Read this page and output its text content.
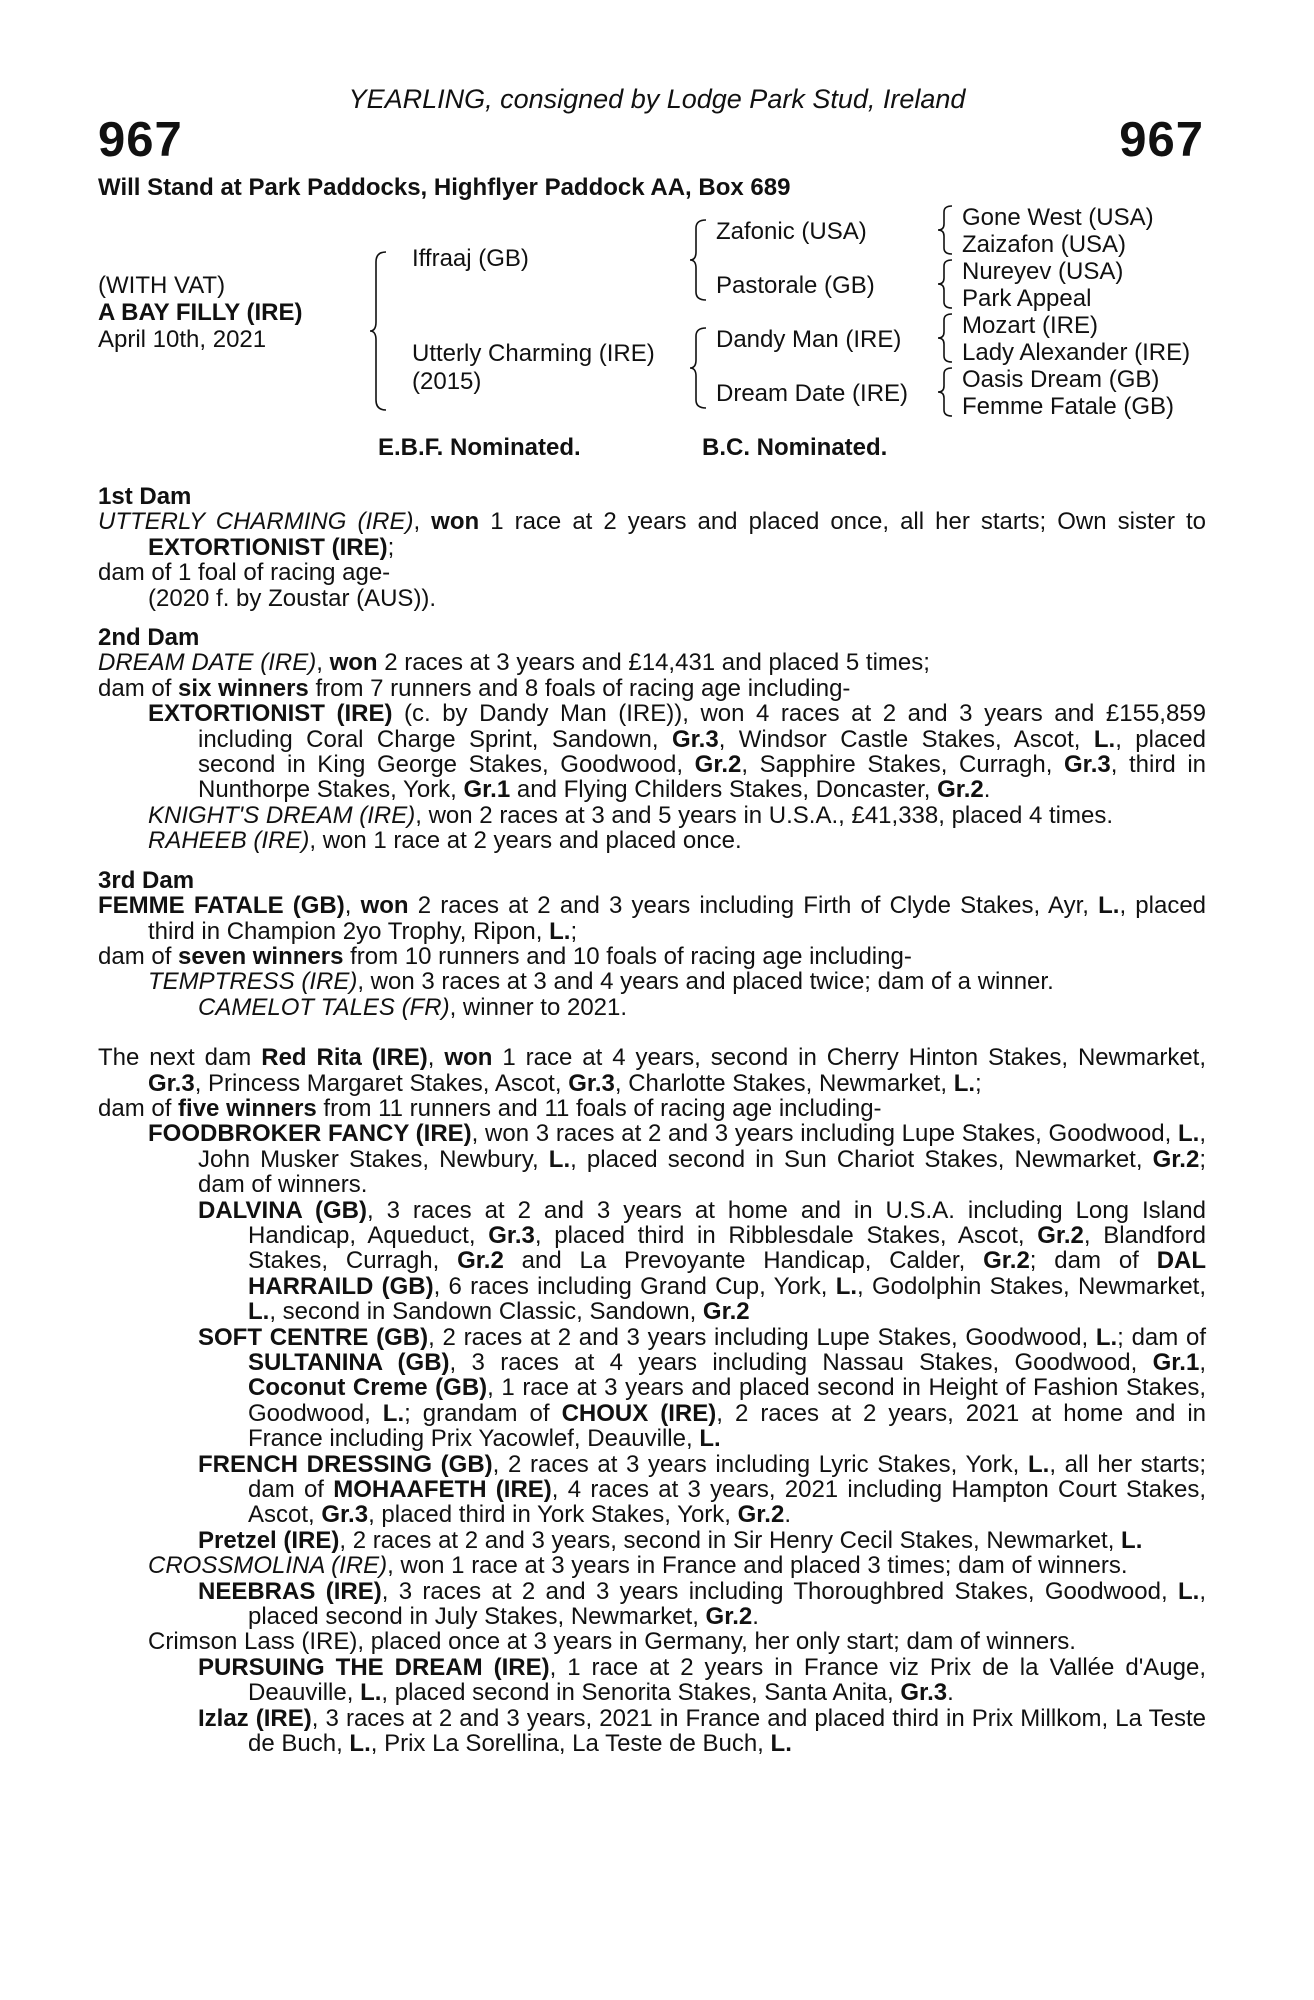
YEARLING, consigned by Lodge Park Stud, Ireland
967	967
Will Stand at Park Paddocks, Highflyer Paddock AA, Box 689
(WITH VAT)
A BAY FILLY (IRE)
April 10th, 2021
Iffraaj (GB)
Utterly Charming (IRE)
(2015)
Zafonic (USA)
Pastorale (GB)
Dandy Man (IRE)
Dream Date (IRE)
Gone West (USA)
Zaizafon (USA)
Nureyev (USA)
Park Appeal
Mozart (IRE)
Lady Alexander (IRE)
Oasis Dream (GB)
Femme Fatale (GB)
E.B.F. Nominated.	B.C. Nominated.
1st Dam
UTTERLY CHARMING (IRE), won 1 race at 2 years and placed once, all her starts; Own sister to EXTORTIONIST (IRE);
dam of 1 foal of racing age-
(2020 f. by Zoustar (AUS)).
2nd Dam
DREAM DATE (IRE), won 2 races at 3 years and £14,431 and placed 5 times;
dam of six winners from 7 runners and 8 foals of racing age including-
EXTORTIONIST (IRE) (c. by Dandy Man (IRE)), won 4 races at 2 and 3 years and £155,859 including Coral Charge Sprint, Sandown, Gr.3, Windsor Castle Stakes, Ascot, L., placed second in King George Stakes, Goodwood, Gr.2, Sapphire Stakes, Curragh, Gr.3, third in Nunthorpe Stakes, York, Gr.1 and Flying Childers Stakes, Doncaster, Gr.2.
KNIGHT'S DREAM (IRE), won 2 races at 3 and 5 years in U.S.A., £41,338, placed 4 times.
RAHEEB (IRE), won 1 race at 2 years and placed once.
3rd Dam
FEMME FATALE (GB), won 2 races at 2 and 3 years including Firth of Clyde Stakes, Ayr, L., placed third in Champion 2yo Trophy, Ripon, L.;
dam of seven winners from 10 runners and 10 foals of racing age including-
TEMPTRESS (IRE), won 3 races at 3 and 4 years and placed twice; dam of a winner.
CAMELOT TALES (FR), winner to 2021.
The next dam Red Rita (IRE), won 1 race at 4 years, second in Cherry Hinton Stakes, Newmarket, Gr.3, Princess Margaret Stakes, Ascot, Gr.3, Charlotte Stakes, Newmarket, L.;
dam of five winners from 11 runners and 11 foals of racing age including-
FOODBROKER FANCY (IRE), won 3 races at 2 and 3 years including Lupe Stakes, Goodwood, L., John Musker Stakes, Newbury, L., placed second in Sun Chariot Stakes, Newmarket, Gr.2; dam of winners.
DALVINA (GB), 3 races at 2 and 3 years at home and in U.S.A. including Long Island Handicap, Aqueduct, Gr.3, placed third in Ribblesdale Stakes, Ascot, Gr.2, Blandford Stakes, Curragh, Gr.2 and La Prevoyante Handicap, Calder, Gr.2; dam of DAL HARRAILD (GB), 6 races including Grand Cup, York, L., Godolphin Stakes, Newmarket, L., second in Sandown Classic, Sandown, Gr.2
SOFT CENTRE (GB), 2 races at 2 and 3 years including Lupe Stakes, Goodwood, L.; dam of SULTANINA (GB), 3 races at 4 years including Nassau Stakes, Goodwood, Gr.1, Coconut Creme (GB), 1 race at 3 years and placed second in Height of Fashion Stakes, Goodwood, L.; grandam of CHOUX (IRE), 2 races at 2 years, 2021 at home and in France including Prix Yacowlef, Deauville, L.
FRENCH DRESSING (GB), 2 races at 3 years including Lyric Stakes, York, L., all her starts; dam of MOHAAFETH (IRE), 4 races at 3 years, 2021 including Hampton Court Stakes, Ascot, Gr.3, placed third in York Stakes, York, Gr.2.
Pretzel (IRE), 2 races at 2 and 3 years, second in Sir Henry Cecil Stakes, Newmarket, L.
CROSSMOLINA (IRE), won 1 race at 3 years in France and placed 3 times; dam of winners.
NEEBRAS (IRE), 3 races at 2 and 3 years including Thoroughbred Stakes, Goodwood, L., placed second in July Stakes, Newmarket, Gr.2.
Crimson Lass (IRE), placed once at 3 years in Germany, her only start; dam of winners.
PURSUING THE DREAM (IRE), 1 race at 2 years in France viz Prix de la Vallée d'Auge, Deauville, L., placed second in Senorita Stakes, Santa Anita, Gr.3.
Izlaz (IRE), 3 races at 2 and 3 years, 2021 in France and placed third in Prix Millkom, La Teste de Buch, L., Prix La Sorellina, La Teste de Buch, L.
